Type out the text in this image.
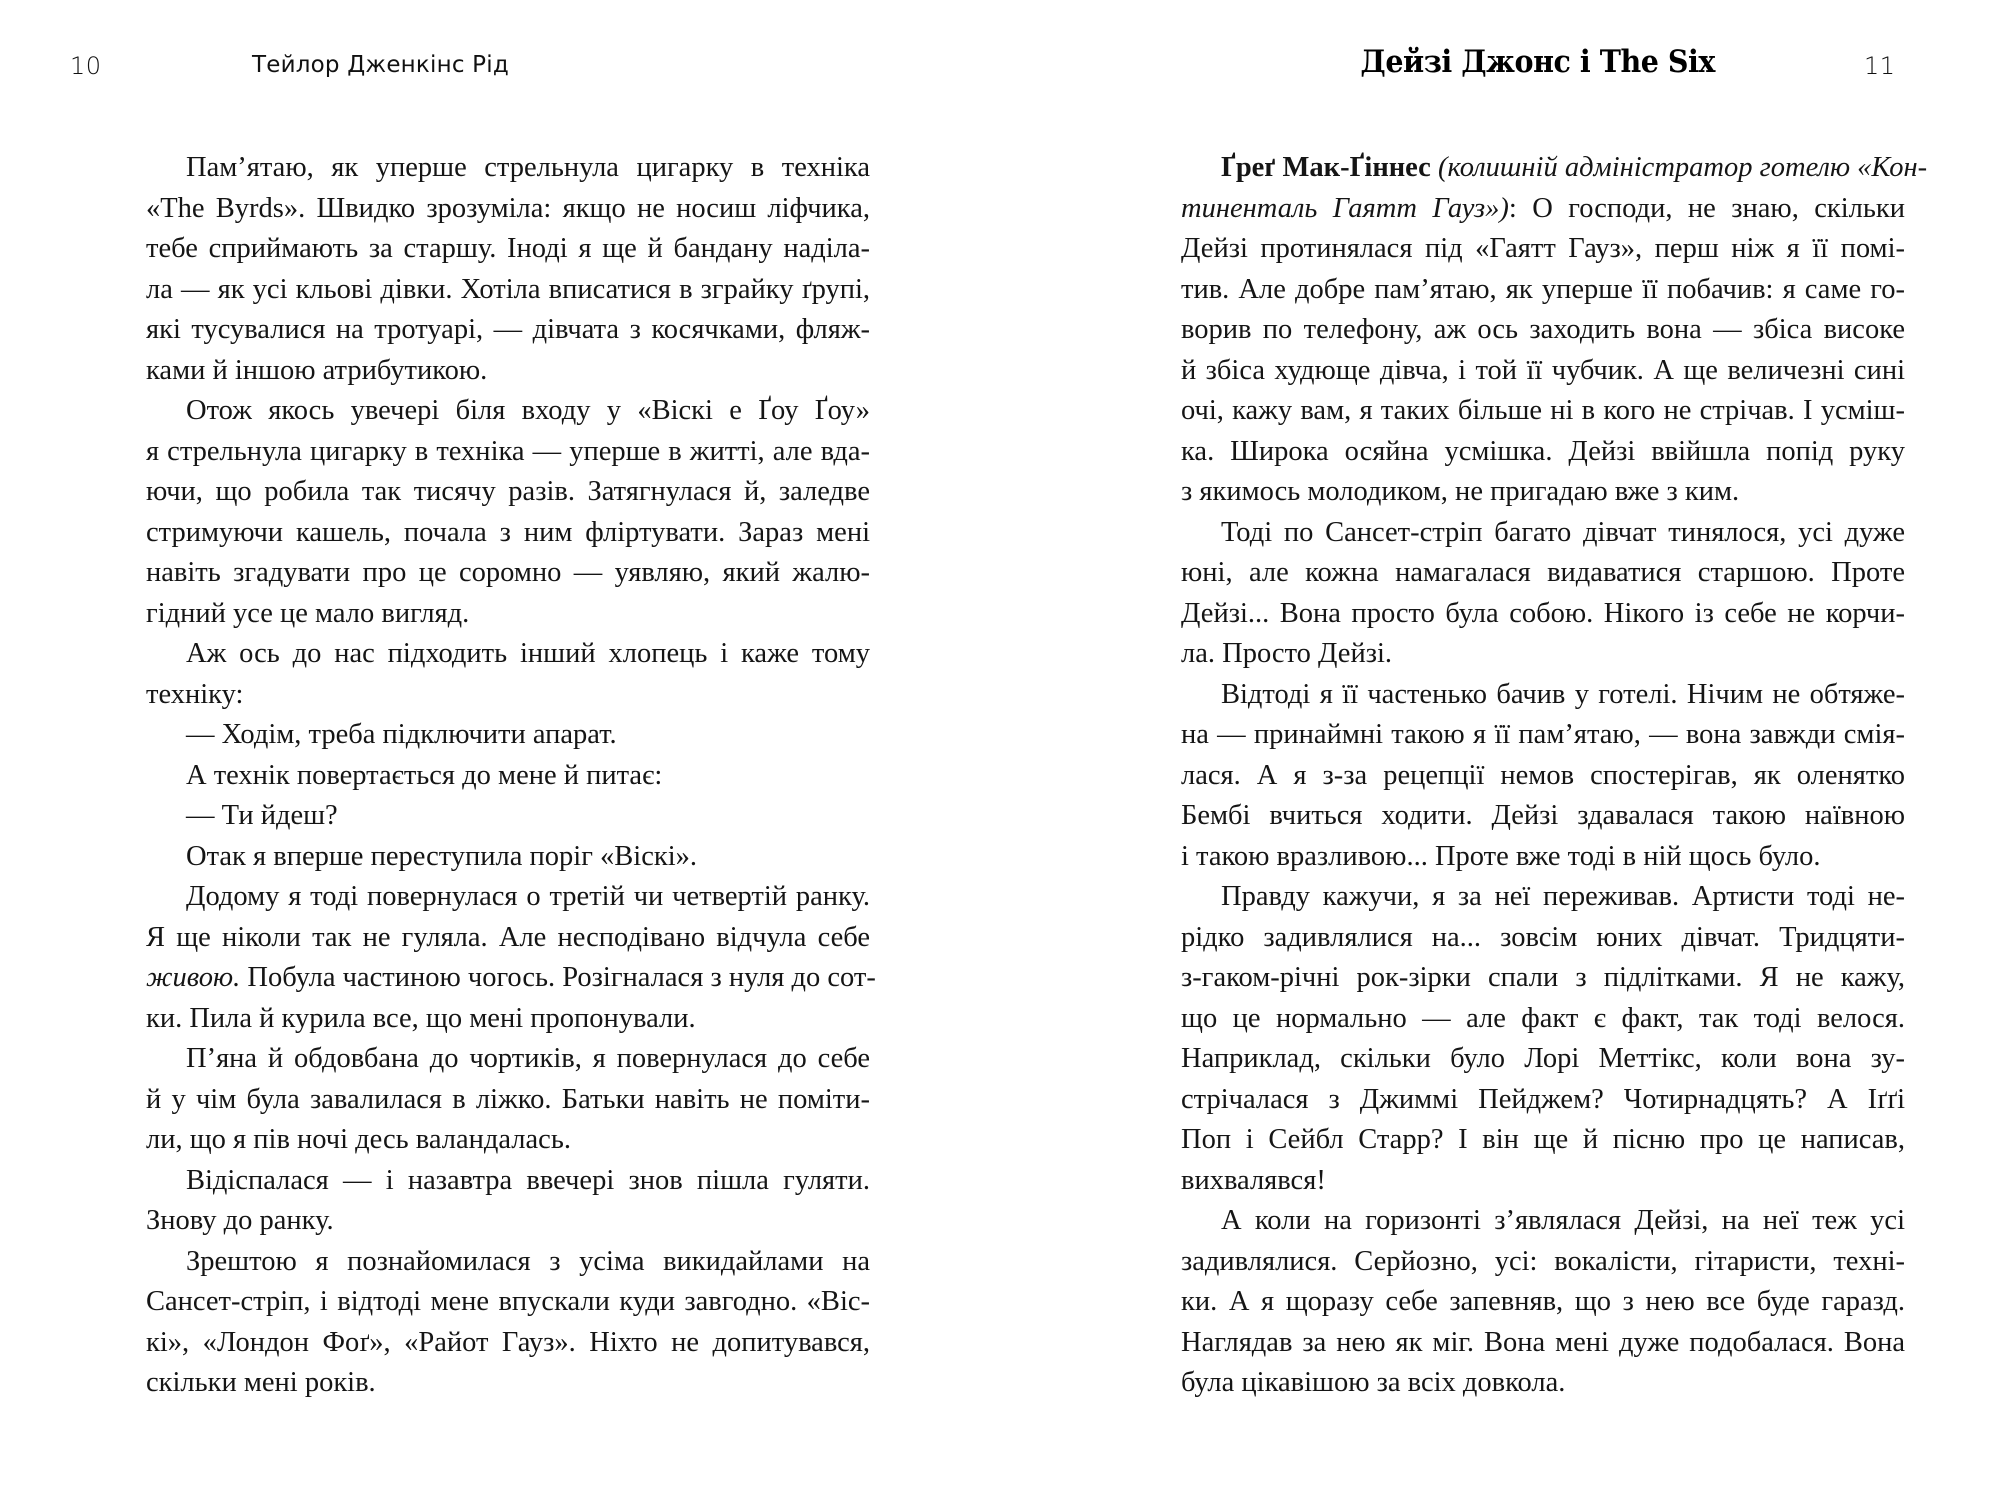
10	Тейлор Дженкінс Рід
Пам’ятаю, як уперше стрельнула цигарку в техніка
«The Byrds». Швидко зрозуміла: якщо не носиш ліфчика,
тебе сприймають за старшу. Іноді я ще й бандану наділа-
ла — як усі кльові дівки. Хотіла вписатися в зграйку ґрупі,
які тусувалися на тротуарі, — дівчата з косячками, фляж-
ками й іншою атрибутикою.
Отож якось увечері біля входу у «Віскі е Ґоу Ґоу»
я стрельнула цигарку в техніка — уперше в житті, але вда-
ючи, що робила так тисячу разів. Затягнулася й, заледве
стримуючи кашель, почала з ним фліртувати. Зараз мені
навіть згадувати про це соромно — уявляю, який жалю-
гідний усе це мало вигляд.
Аж ось до нас підходить інший хлопець і каже тому
техніку:
— Ходім, треба підключити апарат.
А технік повертається до мене й питає:
— Ти йдеш?
Отак я вперше переступила поріг «Віскі».
Додому я тоді повернулася о третій чи четвертій ранку.
Я ще ніколи так не гуляла. Але несподівано відчула себе
живою. Побула частиною чогось. Розігналася з нуля до сот-
ки. Пила й курила все, що мені пропонували.
П’яна й обдовбана до чортиків, я повернулася до себе
й у чім була завалилася в ліжко. Батьки навіть не поміти-
ли, що я пів ночі десь валандалась.
Відіспалася — і назавтра ввечері знов пішла гуляти.
Знову до ранку.
Зрештою я познайомилася з усіма викидайлами на
Сансет-стріп, і відтоді мене впускали куди завгодно. «Віс-
кі», «Лондон Фоґ», «Райот Гауз». Ніхто не допитувався,
скільки мені років.
Дейзі Джонс і The Six	11
Ґреґ Мак-Ґіннес (колишній адміністратор готелю «Кон-
тиненталь Гаятт Гауз»): О господи, не знаю, скільки
Дейзі протинялася під «Гаятт Гауз», перш ніж я її помі-
тив. Але добре пам’ятаю, як уперше її побачив: я саме го-
ворив по телефону, аж ось заходить вона — збіса високе
й збіса худюще дівча, і той її чубчик. А ще величезні сині
очі, кажу вам, я таких більше ні в кого не стрічав. І усміш-
ка. Широка осяйна усмішка. Дейзі ввійшла попід руку
з якимось молодиком, не пригадаю вже з ким.
Тоді по Сансет-стріп багато дівчат тинялося, усі дуже
юні, але кожна намагалася видаватися старшою. Проте
Дейзі... Вона просто була собою. Нікого із себе не корчи-
ла. Просто Дейзі.
Відтоді я її частенько бачив у готелі. Нічим не обтяже-
на — принаймні такою я її пам’ятаю, — вона завжди смія-
лася. А я з-за рецепції немов спостерігав, як оленятко
Бембі вчиться ходити. Дейзі здавалася такою наївною
і такою вразливою... Проте вже тоді в ній щось було.
Правду кажучи, я за неї переживав. Артисти тоді не-
рідко задивлялися на... зовсім юних дівчат. Тридцяти-
з-гаком-річні рок-зірки спали з підлітками. Я не кажу,
що це нормально — але факт є факт, так тоді велося.
Наприклад, скільки було Лорі Меттікс, коли вона зу-
стрічалася з Джиммі Пейджем? Чотирнадцять? А Іґґі
Поп і Сейбл Старр? І він ще й пісню про це написав,
вихвалявся!
А коли на горизонті з’являлася Дейзі, на неї теж усі
задивлялися. Серйозно, усі: вокалісти, гітаристи, техні-
ки. А я щоразу себе запевняв, що з нею все буде гаразд.
Наглядав за нею як міг. Вона мені дуже подобалася. Вона
була цікавішою за всіх довкола.
